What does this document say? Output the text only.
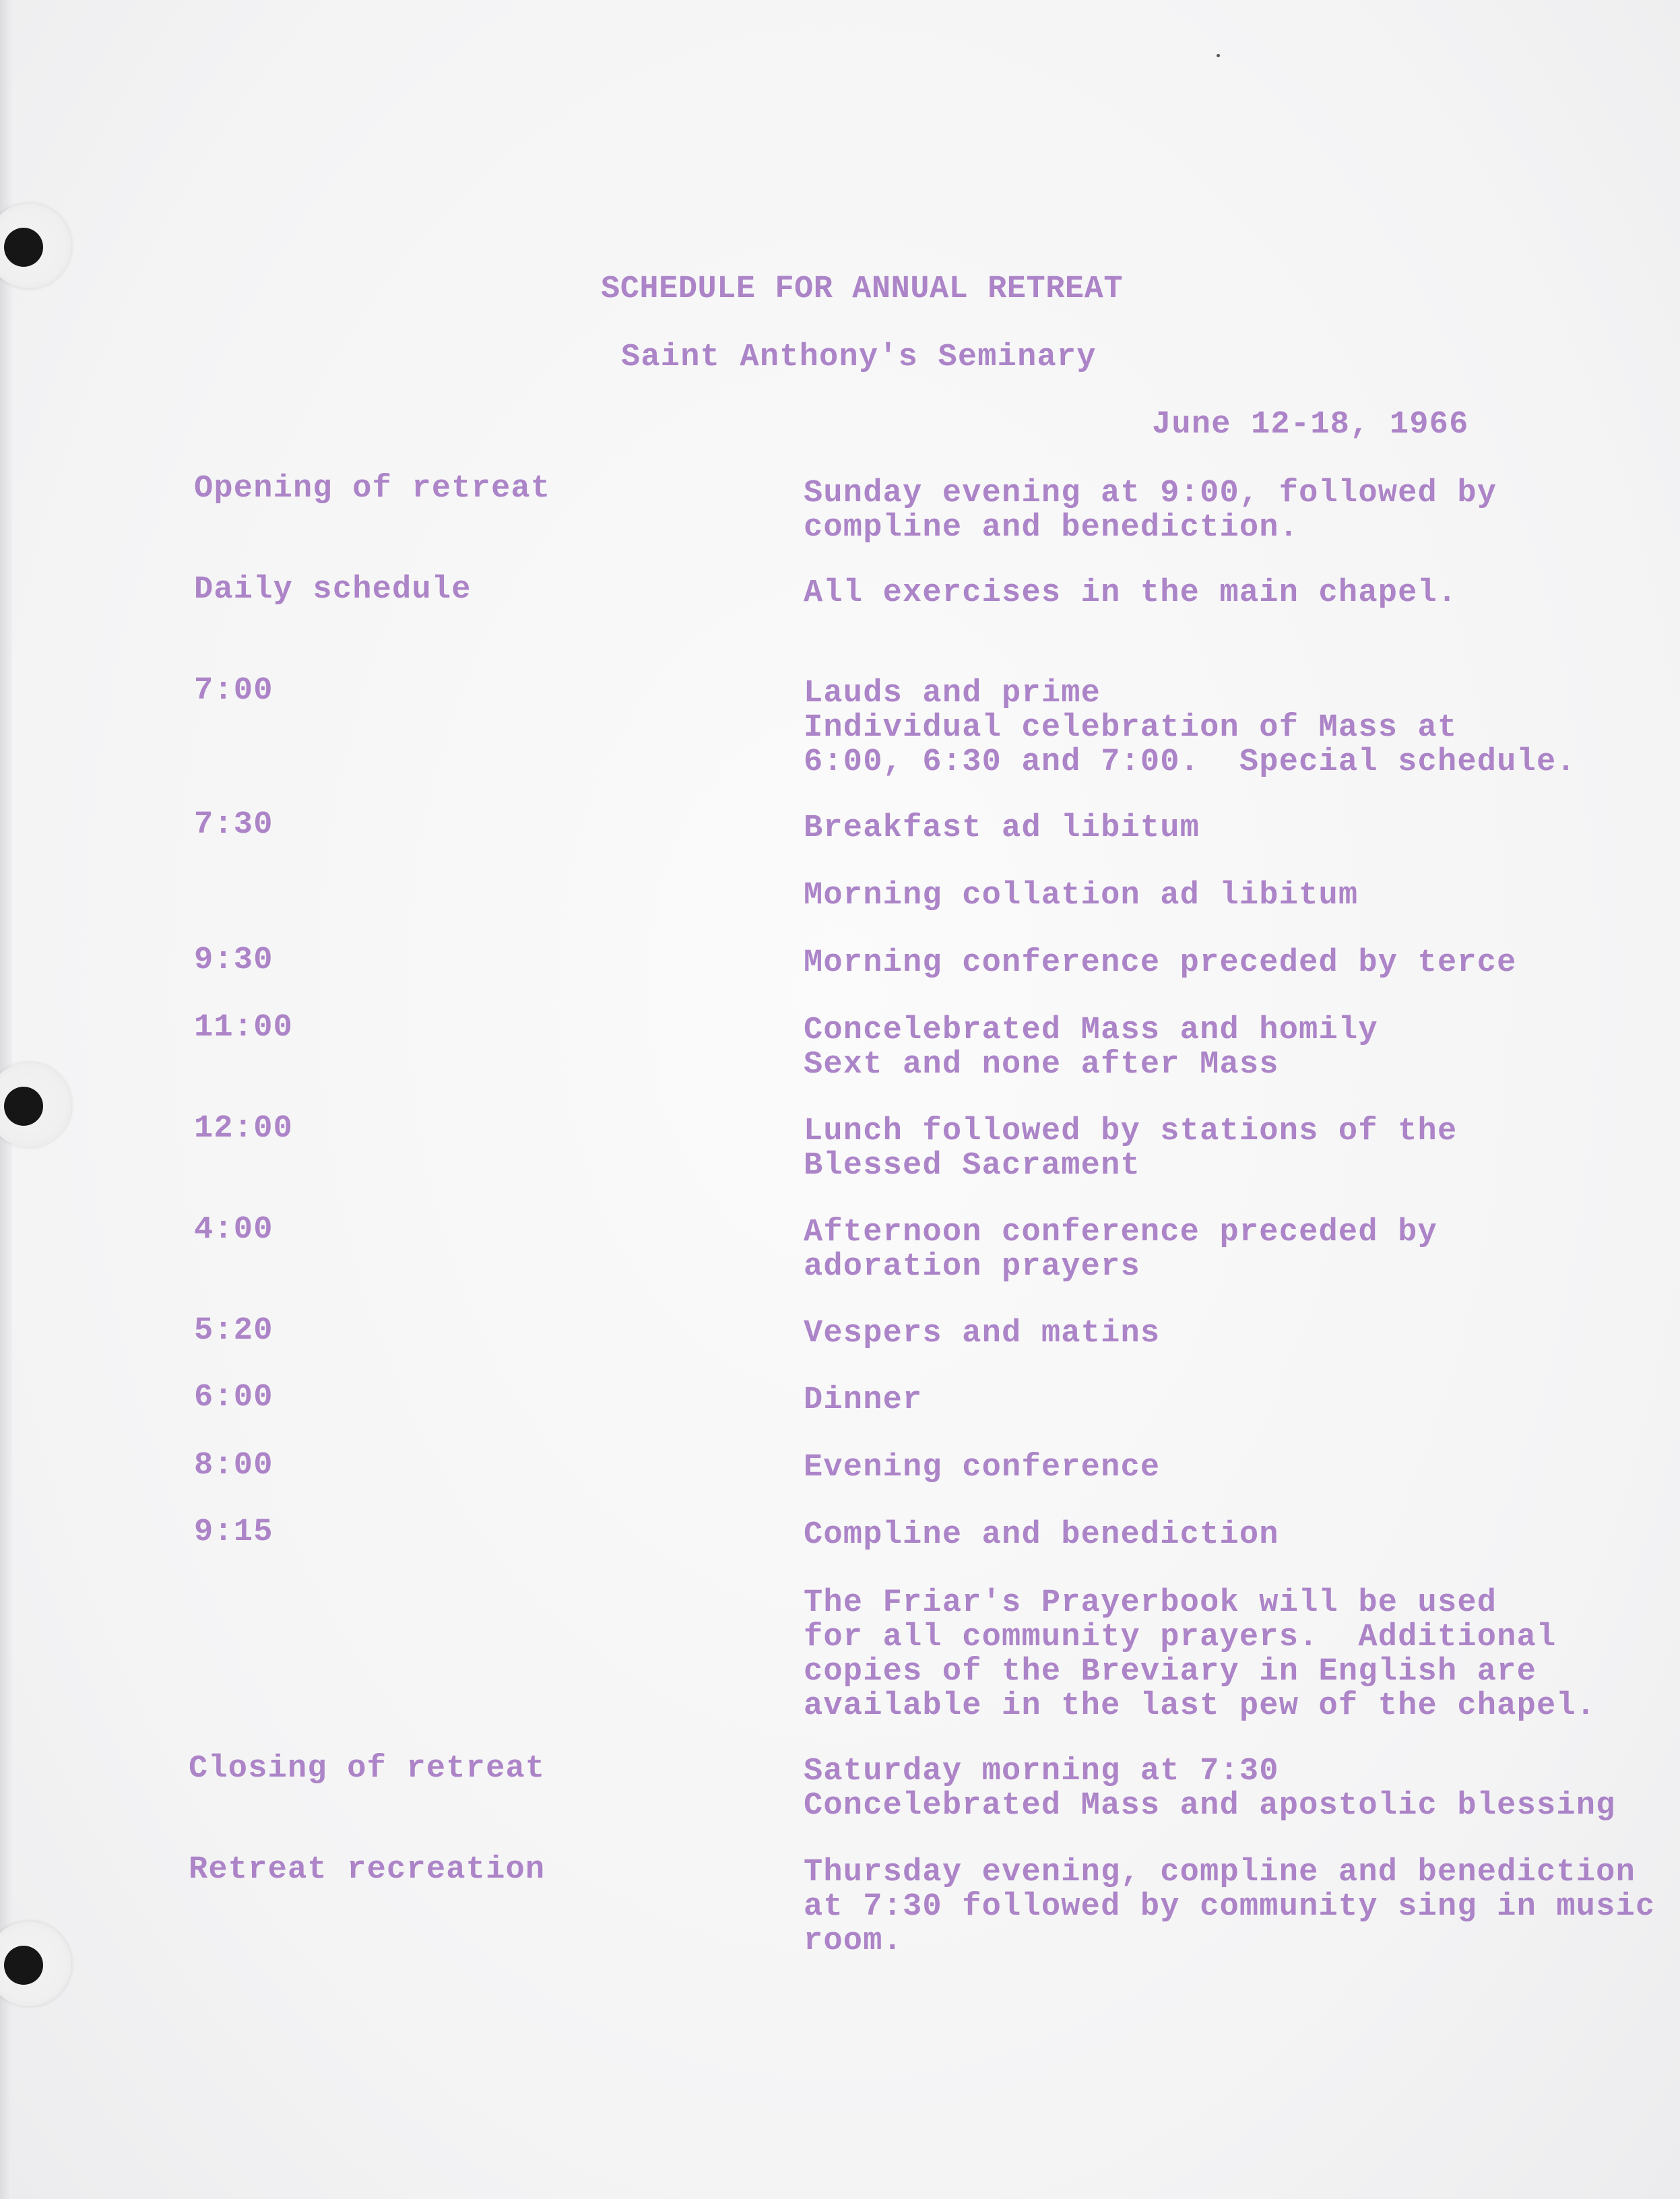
SCHEDULE FOR ANNUAL RETREAT
Saint Anthony's Seminary
June 12-18, 1966
Opening of retreat	Sunday evening at 9:00, followed by
compline and benediction.
Daily schedule	All exercises in the main chapel.
7:00	Lauds and prime
Individual celebration of Mass at
6:00, 6:30 and 7:00.  Special schedule.
7:30	Breakfast ad libitum
Morning collation ad libitum
9:30	Morning conference preceded by terce
11:00	Concelebrated Mass and homily
Sext and none after Mass
12:00	Lunch followed by stations of the
Blessed Sacrament
4:00	Afternoon conference preceded by
adoration prayers
5:20	Vespers and matins
6:00	Dinner
8:00	Evening conference
9:15	Compline and benediction
The Friar's Prayerbook will be used
for all community prayers.  Additional
copies of the Breviary in English are
available in the last pew of the chapel.
Closing of retreat	Saturday morning at 7:30
Concelebrated Mass and apostolic blessing
Retreat recreation	Thursday evening, compline and benediction
at 7:30 followed by community sing in music
room.
